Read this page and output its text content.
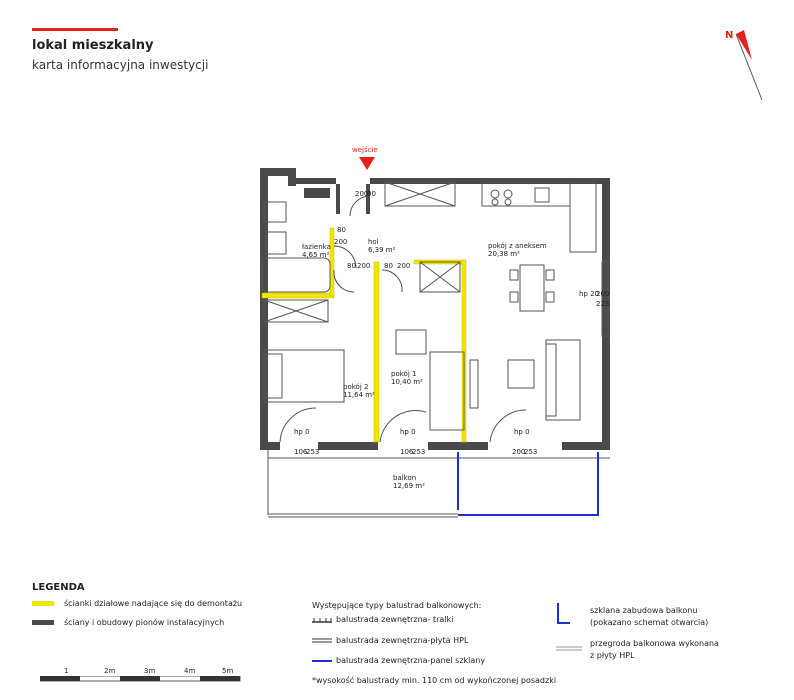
lokal mieszkalny
karta informacyjna inwestycji
N
wejście
łazienka
4,65 m²
hol
6,39 m²	pokój z aneksem
20,38 m²
pokój 1
10,40 m²
pokój 2
11,64 m²
balkon
12,69 m²
200
90
80
200
80 200 80 200
200
223
hp 20
hp 0
106
253
hp 0
106
253
hp 0
200
253
LEGENDA
ścianki działowe nadające się do demontażu
ściany i obudowy pionów instalacyjnych
Występujące typy balustrad balkonowych:
balustrada zewnętrzna- tralki
balustrada zewnętrzna-płyta HPL
balustrada zewnętrzna-panel szklany
*wysokość balustrady min. 110 cm od wykończonej posadzki
szklana zabudowa balkonu
(pokazano schemat otwarcia)
przegroda balkonowa wykonana
z płyty HPL
1	2m	3m	4m	5m
